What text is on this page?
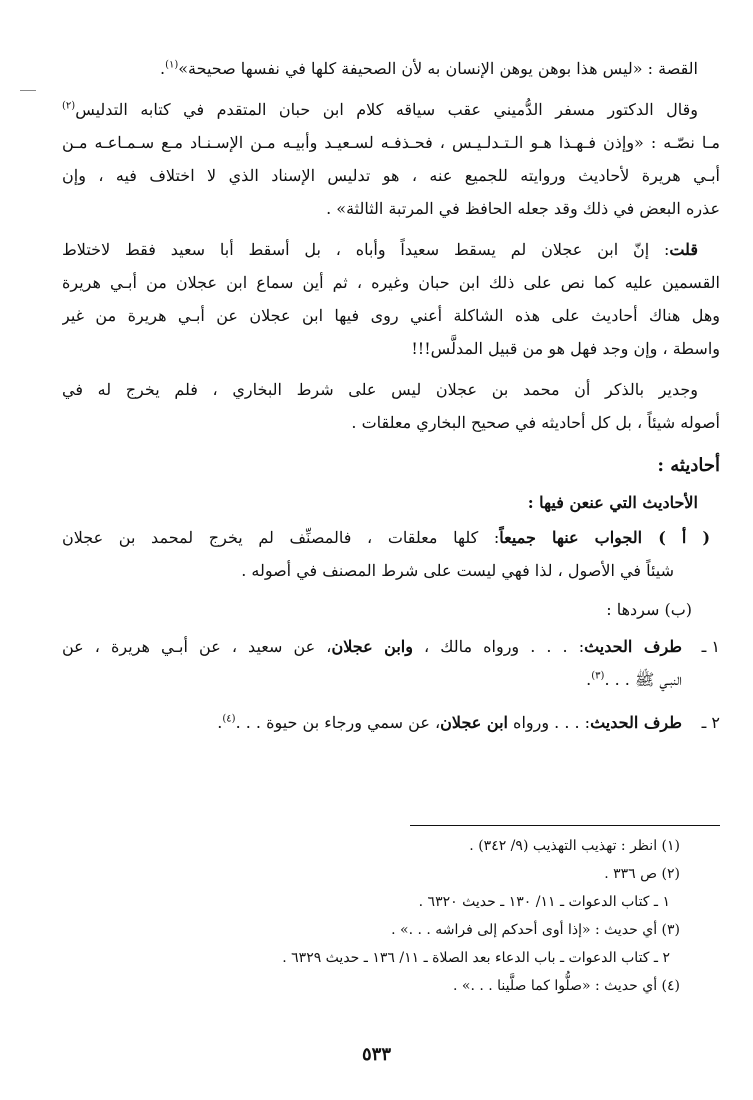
القصة : «ليس هذا بوهن يوهن الإنسان به لأن الصحيفة كلها في نفسها صحيحة»$^{(١)}$.
وقال الدكتور مسفر الدُّميني عقب سياقه كلام ابن حبان المتقدم في كتابه التدليس$^{(٢)}$
مـا نصّـه : «وإذن فـهـذا هـو الـتـدلـيـس ، فحـذفـه لسـعيـد وأبيـه مـن الإسـنـاد مـع سـمـاعـه مـن
أبـي هريرة لأحاديث وروايته للجميع عنه ، هو تدليس الإسناد الذي لا اختلاف فيه ، وإن
عذره البعض في ذلك وقد جعله الحافظ في المرتبة الثالثة» .
قلت: إنّ ابن عجلان لم يسقط سعيداً وأباه ، بل أسقط أبا سعيد فقط لاختلاط
القسمين عليه كما نص على ذلك ابن حبان وغيره ، ثم أين سماع ابن عجلان من أبـي هريرة
وهل هناك أحاديث على هذه الشاكلة أعني روى فيها ابن عجلان عن أبـي هريرة من غير
واسطة ، وإن وجد فهل هو من قبيل المدلَّس!!!
وجدير بالذكر أن محمد بن عجلان ليس على شرط البخاري ، فلم يخرج له في
أصوله شيئاً ، بل كل أحاديثه في صحيح البخاري معلقات .
أحاديثه :
الأحاديث التي عنعن فيها :
( أ ) الجواب عنها جميعاً: كلها معلقات ، فالمصنِّف لم يخرج لمحمد بن عجلان
شيئاً في الأصول ، لذا فهي ليست على شرط المصنف في أصوله .
(ب) سردها :
١ ـ
طرف الحديث: . . . ورواه مالك ، وابن عجلان، عن سعيد ، عن أبـي هريرة ، عن
النبـي ﷺ . . .$^{(٣)}$.
٢ ـ
طرف الحديث: . . . ورواه ابن عجلان، عن سمي ورجاء بن حيوة . . .$^{(٤)}$.
(١) انظر : تهذيب التهذيب (٩/ ٣٤٢) .
(٢) ص ٣٣٦ .
١ ـ كتاب الدعوات ـ ١١/ ١٣٠ ـ حديث ٦٣٢٠ .
(٣) أي حديث : «إذا أوى أحدكم إلى فراشه . . .» .
٢ ـ كتاب الدعوات ـ باب الدعاء بعد الصلاة ـ ١١/ ١٣٦ ـ حديث ٦٣٢٩ .
(٤) أي حديث : «صلُّوا كما صلَّينا . . .» .
٥٣٣
